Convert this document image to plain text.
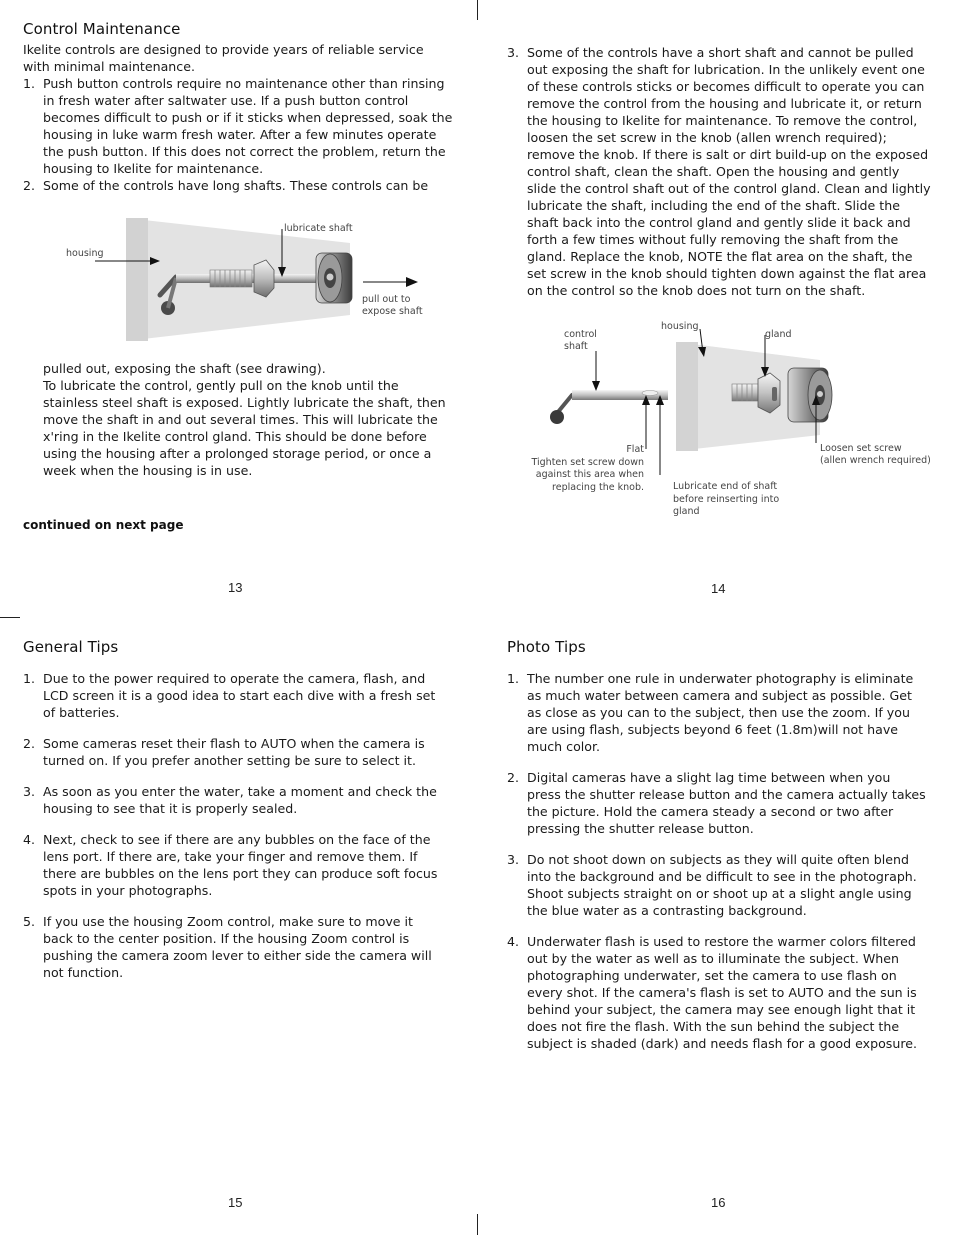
Control Maintenance
Ikelite controls are designed to provide years of reliable service with minimal maintenance.
1. Push button controls require no maintenance other than rinsing in fresh water after saltwater use. If a push button control becomes difficult to push or if it sticks when depressed, soak the housing in luke warm fresh water. After a few minutes operate the push button. If this does not correct the problem, return the housing to Ikelite for maintenance.
2. Some of the controls have long shafts. These controls can be
housing
lubricate shaft
pull out to
expose shaft
pulled out, exposing the shaft (see drawing).
To lubricate the control, gently pull on the knob until the stainless steel shaft is exposed. Lightly lubricate the shaft, then move the shaft in and out several times. This will lubricate the x'ring in the Ikelite control gland. This should be done before using the housing after a prolonged storage period, or once a week when the housing is in use.
continued on next page
13
3. Some of the controls have a short shaft and cannot be pulled out exposing the shaft for lubrication. In the unlikely event one of these controls sticks or becomes difficult to operate you can remove the control from the housing and lubricate it, or return the housing to Ikelite for maintenance. To remove the control, loosen the set screw in the knob (allen wrench required); remove the knob. If there is salt or dirt build-up on the exposed control shaft, clean the shaft. Open the housing and gently slide the control shaft out of the control gland. Clean and lightly lubricate the shaft, including the end of the shaft. Slide the shaft back into the control gland and gently slide it back and forth a few times without fully removing the shaft from the gland. Replace the knob, NOTE the flat area on the shaft, the set screw in the knob should tighten down against the flat area on the control so the knob does not turn on the shaft.
control
shaft
housing
gland
Flat
Tighten set screw down
against this area when
replacing the knob.	Lubricate end of shaft
before reinserting into
gland
Loosen set screw
(allen wrench required)
14
General Tips
1. Due to the power required to operate the camera, flash, and LCD screen it is a good idea to start each dive with a fresh set of batteries.
2. Some cameras reset their flash to AUTO when the camera is turned on. If you prefer another setting be sure to select it.
3. As soon as you enter the water, take a moment and check the housing to see that it is properly sealed.
4. Next, check to see if there are any bubbles on the face of the lens port. If there are, take your finger and remove them. If there are bubbles on the lens port they can produce soft focus spots in your photographs.
5. If you use the housing Zoom control, make sure to move it back to the center position. If the housing Zoom control is pushing the camera zoom lever to either side the camera will not function.
15
Photo Tips
1. The number one rule in underwater photography is eliminate as much water between camera and subject as possible. Get as close as you can to the subject, then use the zoom. If you are using flash, subjects beyond 6 feet (1.8m)will not have much color.
2. Digital cameras have a slight lag time between when you press the shutter release button and the camera actually takes the picture. Hold the camera steady a second or two after pressing the shutter release button.
3. Do not shoot down on subjects as they will quite often blend into the background and be difficult to see in the photograph. Shoot subjects straight on or shoot up at a slight angle using the blue water as a contrasting background.
4. Underwater flash is used to restore the warmer colors filtered out by the water as well as to illuminate the subject. When photographing underwater, set the camera to use flash on every shot. If the camera's flash is set to AUTO and the sun is behind your subject, the camera may see enough light that it does not fire the flash. With the sun behind the subject the subject is shaded (dark) and needs flash for a good exposure.
16
